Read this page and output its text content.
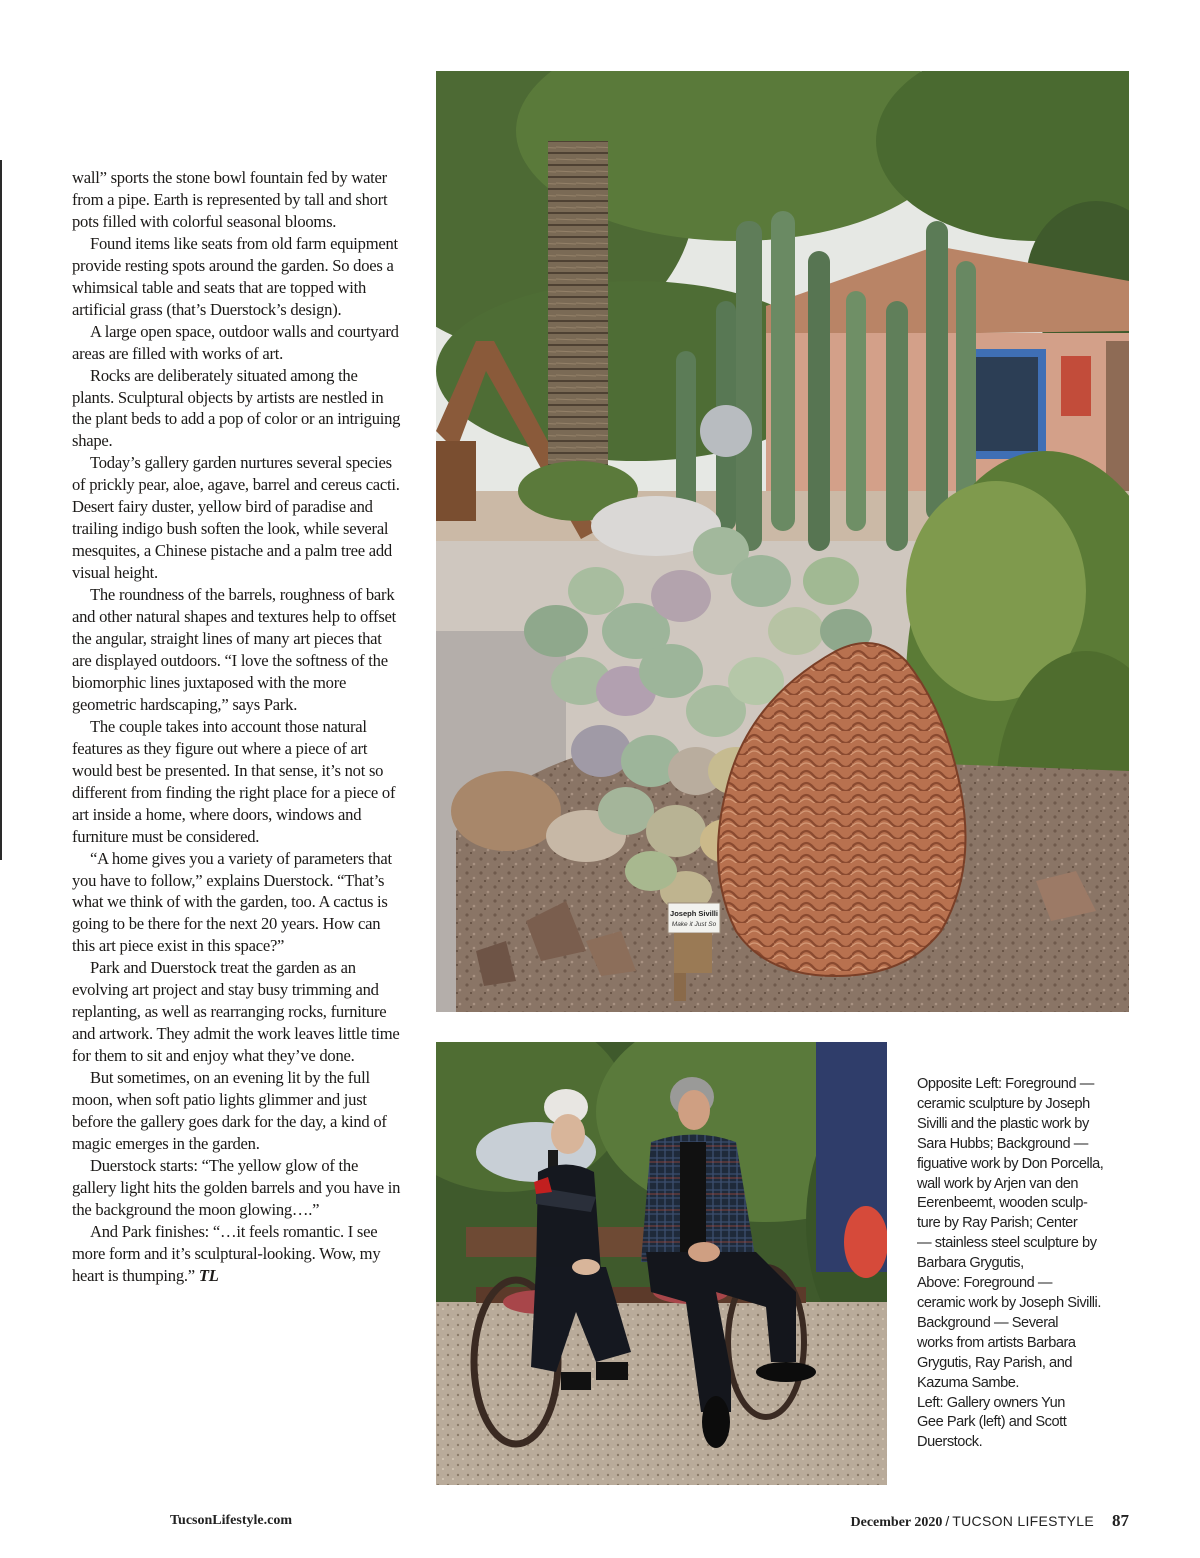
wall” sports the stone bowl fountain fed by water from a pipe. Earth is represented by tall and short pots filled with colorful seasonal blooms.

Found items like seats from old farm equipment provide resting spots around the garden. So does a whimsical table and seats that are topped with artificial grass (that’s Duerstock’s design).

A large open space, outdoor walls and courtyard areas are filled with works of art.

Rocks are deliberately situated among the plants. Sculptural objects by artists are nestled in the plant beds to add a pop of color or an intriguing shape.

Today’s gallery garden nurtures several species of prickly pear, aloe, agave, barrel and cereus cacti. Desert fairy duster, yellow bird of paradise and trailing indigo bush soften the look, while several mesquites, a Chinese pistache and a palm tree add visual height.

The roundness of the barrels, roughness of bark and other natural shapes and textures help to offset the angular, straight lines of many art pieces that are displayed outdoors. “I love the softness of the biomorphic lines juxtaposed with the more geometric hardscaping,” says Park.

The couple takes into account those natural features as they figure out where a piece of art would best be presented. In that sense, it’s not so different from finding the right place for a piece of art inside a home, where doors, windows and furniture must be considered.

“A home gives you a variety of parameters that you have to follow,” explains Duerstock. “That’s what we think of with the garden, too. A cactus is going to be there for the next 20 years. How can this art piece exist in this space?”

Park and Duerstock treat the garden as an evolving art project and stay busy trimming and replanting, as well as rearranging rocks, furniture and artwork. They admit the work leaves little time for them to sit and enjoy what they’ve done.

But sometimes, on an evening lit by the full moon, when soft patio lights glimmer and just before the gallery goes dark for the day, a kind of magic emerges in the garden.

Duerstock starts: “The yellow glow of the gallery light hits the golden barrels and you have in the background the moon glowing….”

And Park finishes: “…it feels romantic. I see more form and it’s sculptural-looking. Wow, my heart is thumping.” TL

Joseph Sivilli
Make it Just So
Opposite Left: Foreground —
ceramic sculpture by Joseph
Sivilli and the plastic work by
Sara Hubbs; Background —
figuative work by Don Porcella,
wall work by Arjen van den
Eerenbeemt, wooden sculp-
ture by Ray Parish; Center
— stainless steel sculpture by
Barbara Grygutis,
Above: Foreground —
ceramic work by Joseph Sivilli.
Background — Several
works from artists Barbara
Grygutis, Ray Parish, and
Kazuma Sambe.
Left: Gallery owners Yun
Gee Park (left) and Scott
Duerstock.
TucsonLifestyle.com	December 2020 / TUCSON LIFESTYLE 87
